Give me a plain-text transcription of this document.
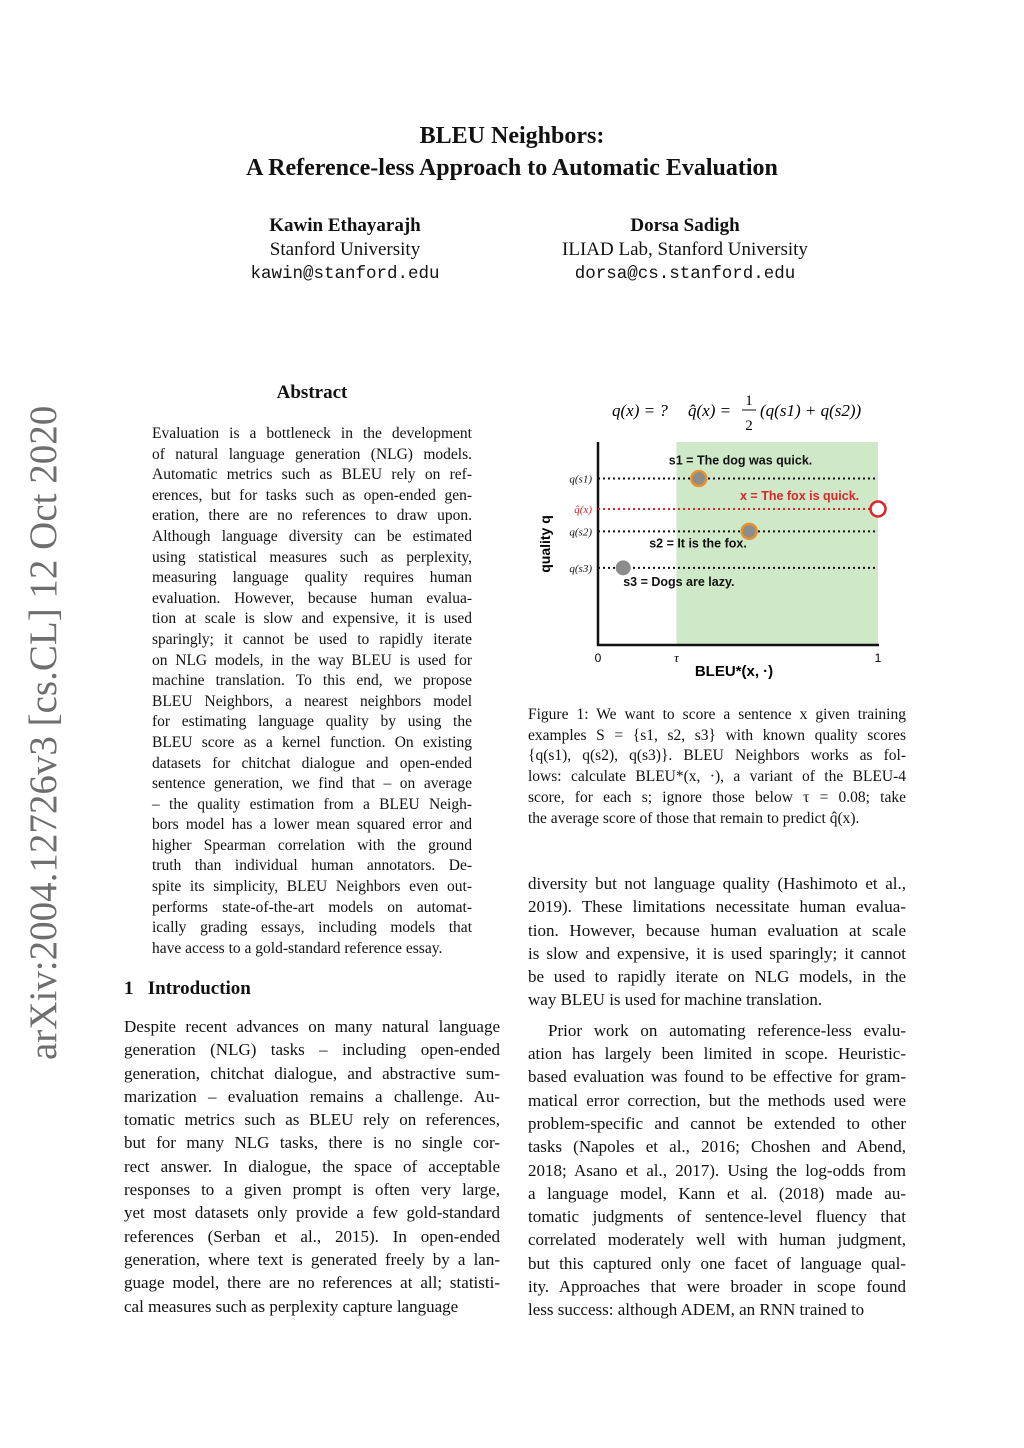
arXiv:2004.12726v3 [cs.CL] 12 Oct 2020
BLEU Neighbors:
A Reference-less Approach to Automatic Evaluation
Kawin Ethayarajh
Stanford University
kawin@stanford.edu
Dorsa Sadigh
ILIAD Lab, Stanford University
dorsa@cs.stanford.edu
Abstract
Evaluation is a bottleneck in the development
of natural language generation (NLG) models.
Automatic metrics such as BLEU rely on ref-
erences, but for tasks such as open-ended gen-
eration, there are no references to draw upon.
Although language diversity can be estimated
using statistical measures such as perplexity,
measuring language quality requires human
evaluation. However, because human evalua-
tion at scale is slow and expensive, it is used
sparingly; it cannot be used to rapidly iterate
on NLG models, in the way BLEU is used for
machine translation. To this end, we propose
BLEU Neighbors, a nearest neighbors model
for estimating language quality by using the
BLEU score as a kernel function. On existing
datasets for chitchat dialogue and open-ended
sentence generation, we find that – on average
– the quality estimation from a BLEU Neigh-
bors model has a lower mean squared error and
higher Spearman correlation with the ground
truth than individual human annotators. De-
spite its simplicity, BLEU Neighbors even out-
performs state-of-the-art models on automat-
ically grading essays, including models that
have access to a gold-standard reference essay.
1 Introduction
Despite recent advances on many natural language
generation (NLG) tasks – including open-ended
generation, chitchat dialogue, and abstractive sum-
marization – evaluation remains a challenge. Au-
tomatic metrics such as BLEU rely on references,
but for many NLG tasks, there is no single cor-
rect answer. In dialogue, the space of acceptable
responses to a given prompt is often very large,
yet most datasets only provide a few gold-standard
references (Serban et al., 2015). In open-ended
generation, where text is generated freely by a lan-
guage model, there are no references at all; statisti-
cal measures such as perplexity capture language
q(x) = ? q̂(x) = 1
2
(q(s1) + q(s2))
quality q
BLEU*(x, ·)
0	τ	1
q(s1)
s1 = The dog was quick.
q̂(x)
x = The fox is quick.
q(s2)
s2 = It is the fox.
q(s3)
s3 = Dogs are lazy.
Figure 1: We want to score a sentence x given training
examples S = {s1, s2, s3} with known quality scores
{q(s1), q(s2), q(s3)}. BLEU Neighbors works as fol-
lows: calculate BLEU*(x, ·), a variant of the BLEU-4
score, for each s; ignore those below τ = 0.08; take
the average score of those that remain to predict q̂(x).
diversity but not language quality (Hashimoto et al.,
2019). These limitations necessitate human evalua-
tion. However, because human evaluation at scale
is slow and expensive, it is used sparingly; it cannot
be used to rapidly iterate on NLG models, in the
way BLEU is used for machine translation.
Prior work on automating reference-less evalu-
ation has largely been limited in scope. Heuristic-
based evaluation was found to be effective for gram-
matical error correction, but the methods used were
problem-specific and cannot be extended to other
tasks (Napoles et al., 2016; Choshen and Abend,
2018; Asano et al., 2017). Using the log-odds from
a language model, Kann et al. (2018) made au-
tomatic judgments of sentence-level fluency that
correlated moderately well with human judgment,
but this captured only one facet of language qual-
ity. Approaches that were broader in scope found
less success: although ADEM, an RNN trained to
